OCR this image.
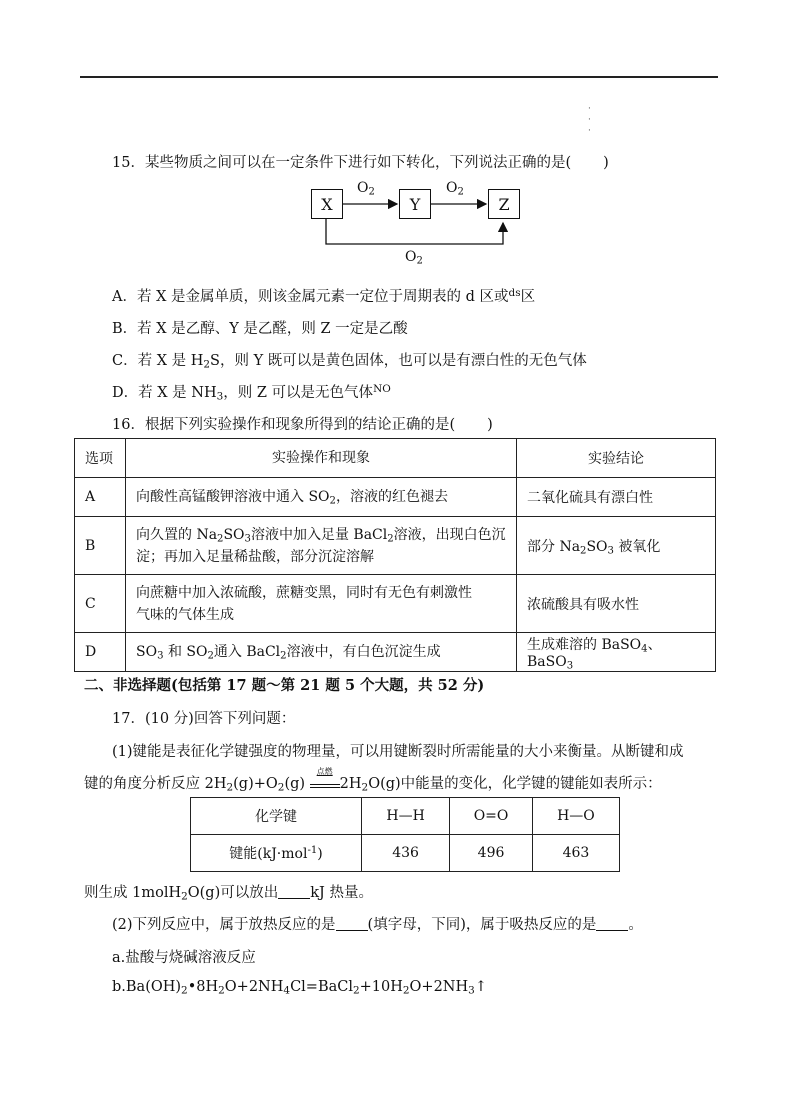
·
·
·
15．某些物质之间可以在一定条件下进行如下转化，下列说法正确的是( )
X	Y	Z
$O_2$	$O_2$
$O_2$
A．若 X 是金属单质，则该金属元素一定位于周期表的 d 区或$^{ds}$区
B．若 X 是乙醇、Y 是乙醛，则 Z 一定是乙酸
C．若 X 是 $H_2S$，则 Y 既可以是黄色固体，也可以是有漂白性的无色气体
D．若 X 是 $NH_3$，则 Z 可以是无色气体$^{NO}$
16．根据下列实验操作和现象所得到的结论正确的是( )
选项	实验操作和现象	实验结论
A	向酸性高锰酸钾溶液中通入 $SO_2$，溶液的红色褪去	二氧化硫具有漂白性
B	向久置的 $Na_2SO_3$溶液中加入足量 BaCl$_2$溶液，出现白色沉
淀；再加入足量稀盐酸，部分沉淀溶解	部分 $Na_2SO_3$ 被氧化
C	向蔗糖中加入浓硫酸，蔗糖变黑，同时有无色有刺激性
气味的气体生成	浓硫酸具有吸水性
D	$SO_3$ 和 $SO_2$通入 BaCl$_2$溶液中，有白色沉淀生成	生成难溶的 BaSO$_4$、BaSO$_3$
二、非选择题(包括第 17 题～第 21 题 5 个大题，共 52 分)
17．(10 分)回答下列问题：
(1)键能是表征化学键强度的物理量，可以用键断裂时所需能量的大小来衡量。从断键和成
键的角度分析反应 $2H_2(g)+O_2(g)$
点燃
$2H_2O(g)$中能量的变化，化学键的键能如表所示：
化学键	H—H	O=O	H—O
键能(kJ·mol$^{-1}$)	436	496	463
则生成 1molH$_2$O(g)可以放出 kJ 热量。
(2)下列反应中，属于放热反应的是 (填字母，下同)，属于吸热反应的是 。
a.盐酸与烧碱溶液反应
$b.Ba(OH)_2•8H_2O+2NH_4Cl=BaCl_2+10H_2O+2NH_3↑$
